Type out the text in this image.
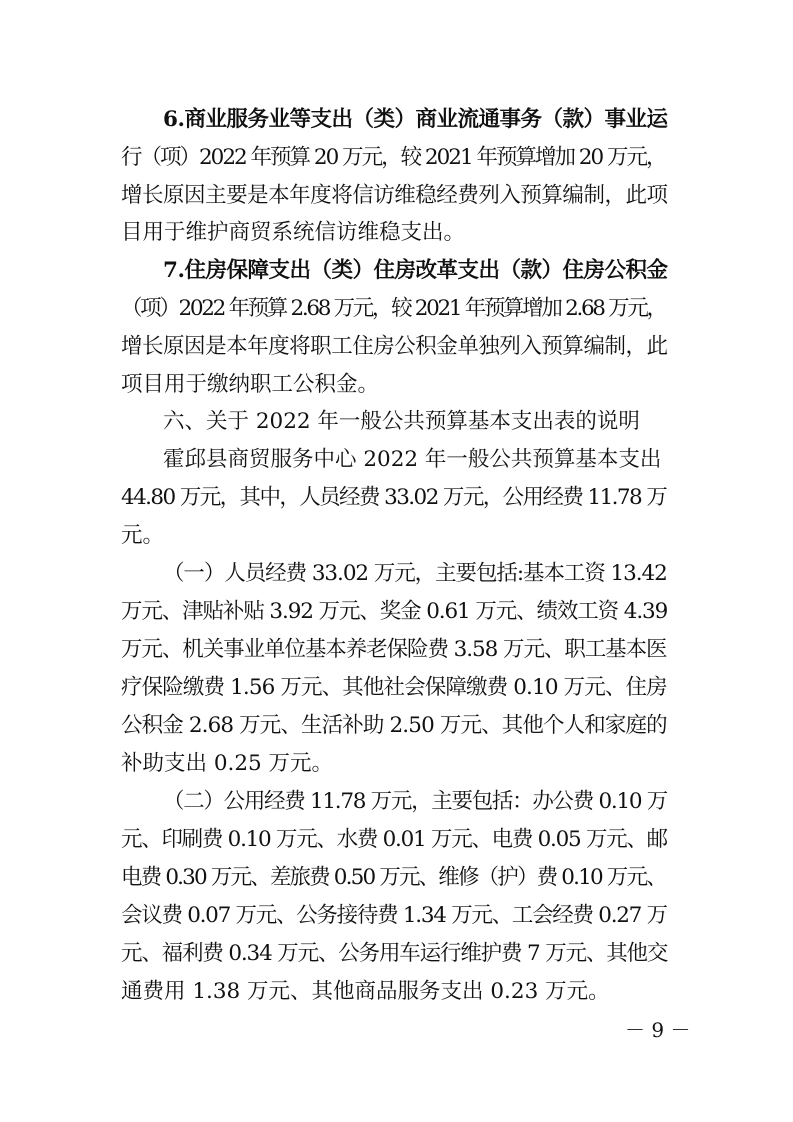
6.商业服务业等支出（类）商业流通事务（款）事业运
行（项）2022 年预算 20 万元，较 2021 年预算增加 20 万元，
增长原因主要是本年度将信访维稳经费列入预算编制，此项
目用于维护商贸系统信访维稳支出。
7.住房保障支出（类）住房改革支出（款）住房公积金
（项）2022 年预算 2.68 万元，较 2021 年预算增加 2.68 万元，
增长原因是本年度将职工住房公积金单独列入预算编制，此
项目用于缴纳职工公积金。
六、关于 2022 年一般公共预算基本支出表的说明
霍邱县商贸服务中心 2022 年一般公共预算基本支出
44.80 万元，其中，人员经费 33.02 万元，公用经费 11.78 万
元。
（一）人员经费 33.02 万元，主要包括:基本工资 13.42
万元、津贴补贴 3.92 万元、奖金 0.61 万元、绩效工资 4.39
万元、机关事业单位基本养老保险费 3.58 万元、职工基本医
疗保险缴费 1.56 万元、其他社会保障缴费 0.10 万元、住房
公积金 2.68 万元、生活补助 2.50 万元、其他个人和家庭的
补助支出 0.25 万元。
（二）公用经费 11.78 万元，主要包括：办公费 0.10 万
元、印刷费 0.10 万元、水费 0.01 万元、电费 0.05 万元、邮
电费 0.30 万元、差旅费 0.50 万元、维修（护）费 0.10 万元、
会议费 0.07 万元、公务接待费 1.34 万元、工会经费 0.27 万
元、福利费 0.34 万元、公务用车运行维护费 7 万元、其他交
通费用 1.38 万元、其他商品服务支出 0.23 万元。
－ 9 －
